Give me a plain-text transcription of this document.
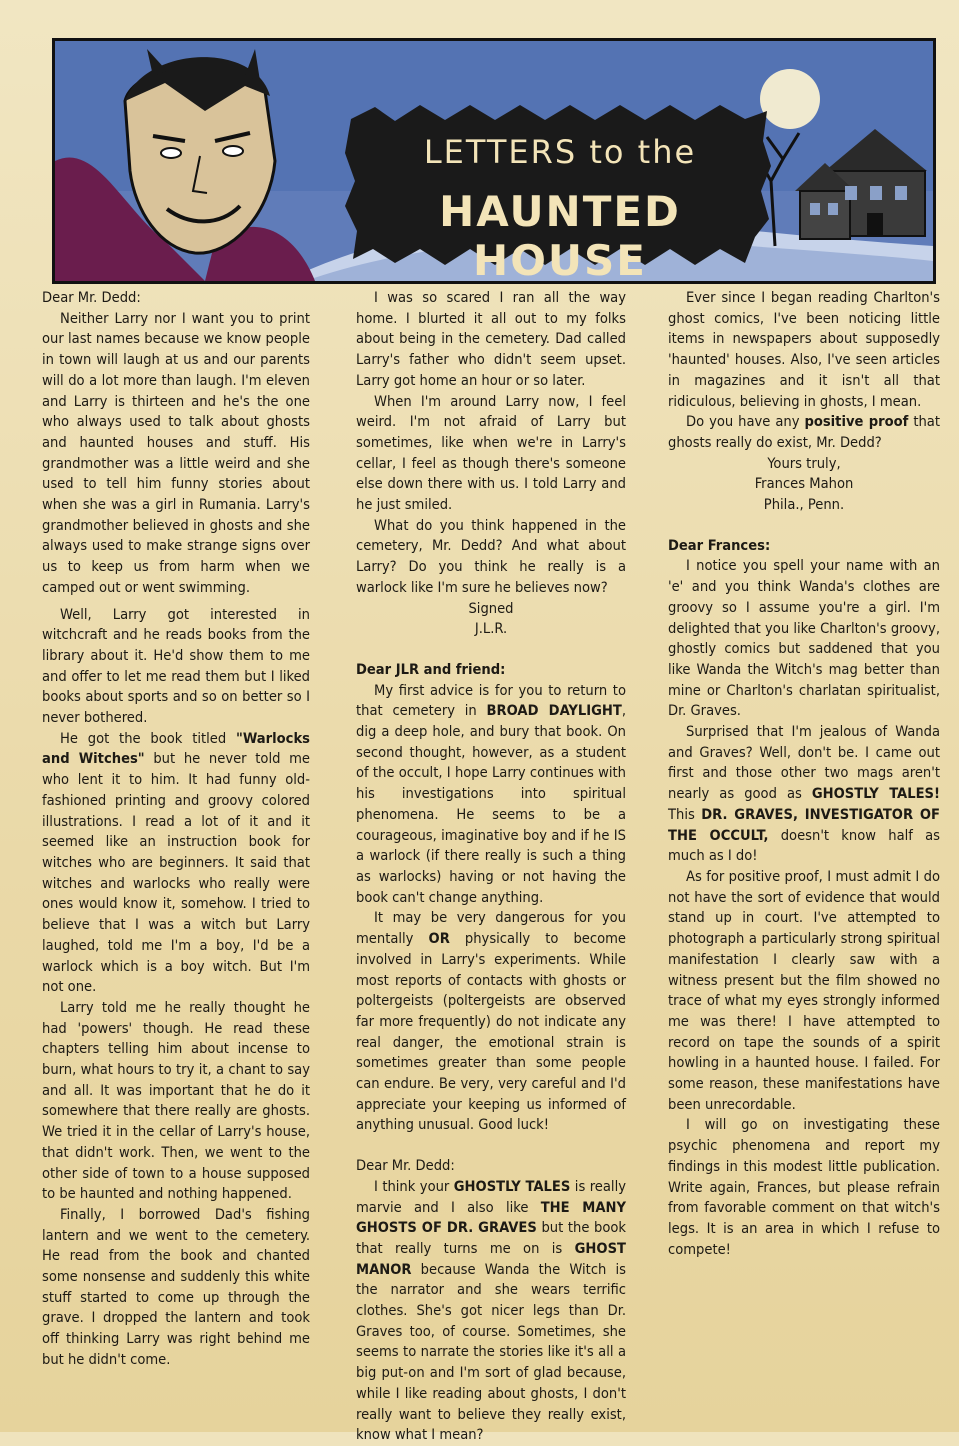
LETTERS to the
HAUNTED HOUSE

Dear Mr. Dedd:

Neither Larry nor I want you to print our last names because we know people in town will laugh at us and our parents will do a lot more than laugh. I'm eleven and Larry is thirteen and he's the one who always used to talk about ghosts and haunted houses and stuff. His grandmother was a little weird and she used to tell him funny stories about when she was a girl in Rumania. Larry's grandmother believed in ghosts and she always used to make strange signs over us to keep us from harm when we camped out or went swimming.

Well, Larry got interested in witchcraft and he reads books from the library about it. He'd show them to me and offer to let me read them but I liked books about sports and so on better so I never bothered.

He got the book titled "Warlocks and Witches" but he never told me who lent it to him. It had funny old-fashioned printing and groovy colored illustrations. I read a lot of it and it seemed like an instruction book for witches who are beginners. It said that witches and warlocks who really were ones would know it, somehow. I tried to believe that I was a witch but Larry laughed, told me I'm a boy, I'd be a warlock which is a boy witch. But I'm not one.

Larry told me he really thought he had 'powers' though. He read these chapters telling him about incense to burn, what hours to try it, a chant to say and all. It was important that he do it somewhere that there really are ghosts. We tried it in the cellar of Larry's house, that didn't work. Then, we went to the other side of town to a house supposed to be haunted and nothing happened.

Finally, I borrowed Dad's fishing lantern and we went to the cemetery. He read from the book and chanted some nonsense and suddenly this white stuff started to come up through the grave. I dropped the lantern and took off thinking Larry was right behind me but he didn't come.

I was so scared I ran all the way home. I blurted it all out to my folks about being in the cemetery. Dad called Larry's father who didn't seem upset. Larry got home an hour or so later.

When I'm around Larry now, I feel weird. I'm not afraid of Larry but sometimes, like when we're in Larry's cellar, I feel as though there's someone else down there with us. I told Larry and he just smiled.

What do you think happened in the cemetery, Mr. Dedd? And what about Larry? Do you think he really is a warlock like I'm sure he believes now?

Signed

J.L.R.

Dear JLR and friend:

My first advice is for you to return to that cemetery in BROAD DAYLIGHT, dig a deep hole, and bury that book. On second thought, however, as a student of the occult, I hope Larry continues with his investigations into spiritual phenomena. He seems to be a courageous, imaginative boy and if he IS a warlock (if there really is such a thing as warlocks) having or not having the book can't change anything.

It may be very dangerous for you mentally OR physically to become involved in Larry's experiments. While most reports of contacts with ghosts or poltergeists (poltergeists are observed far more frequently) do not indicate any real danger, the emotional strain is sometimes greater than some people can endure. Be very, very careful and I'd appreciate your keeping us informed of anything unusual. Good luck!

Dear Mr. Dedd:

I think your GHOSTLY TALES is really marvie and I also like THE MANY GHOSTS OF DR. GRAVES but the book that really turns me on is GHOST MANOR because Wanda the Witch is the narrator and she wears terrific clothes. She's got nicer legs than Dr. Graves too, of course. Sometimes, she seems to narrate the stories like it's all a big put-on and I'm sort of glad because, while I like reading about ghosts, I don't really want to believe they really exist, know what I mean?

Ever since I began reading Charlton's ghost comics, I've been noticing little items in newspapers about supposedly 'haunted' houses. Also, I've seen articles in magazines and it isn't all that ridiculous, believing in ghosts, I mean.

Do you have any positive proof that ghosts really do exist, Mr. Dedd?

Yours truly,

Frances Mahon

Phila., Penn.

Dear Frances:

I notice you spell your name with an 'e' and you think Wanda's clothes are groovy so I assume you're a girl. I'm delighted that you like Charlton's groovy, ghostly comics but saddened that you like Wanda the Witch's mag better than mine or Charlton's charlatan spiritualist, Dr. Graves.

Surprised that I'm jealous of Wanda and Graves? Well, don't be. I came out first and those other two mags aren't nearly as good as GHOSTLY TALES! This DR. GRAVES, INVESTIGATOR OF THE OCCULT, doesn't know half as much as I do!

As for positive proof, I must admit I do not have the sort of evidence that would stand up in court. I've attempted to photograph a particularly strong spiritual manifestation I clearly saw with a witness present but the film showed no trace of what my eyes strongly informed me was there! I have attempted to record on tape the sounds of a spirit howling in a haunted house. I failed. For some reason, these manifestations have been unrecordable.

I will go on investigating these psychic phenomena and report my findings in this modest little publication. Write again, Frances, but please refrain from favorable comment on that witch's legs. It is an area in which I refuse to compete!
